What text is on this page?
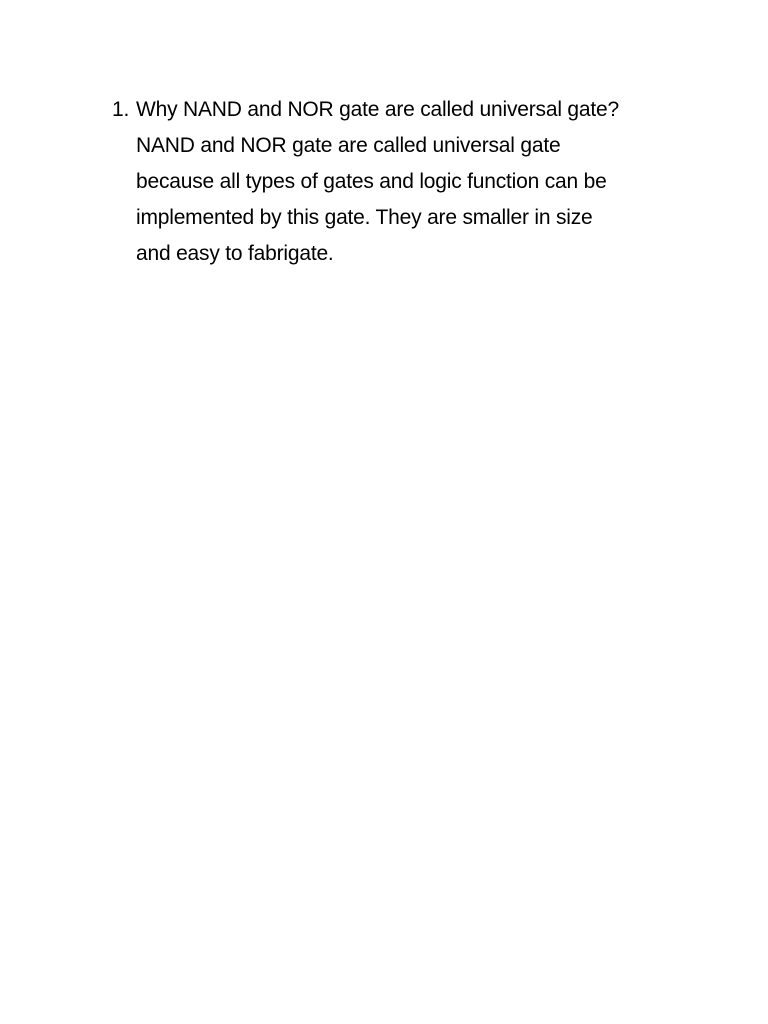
1. Why NAND and NOR gate are called universal gate?
NAND and NOR gate are called universal gate
because all types of gates and logic function can be
implemented by this gate. They are smaller in size
and easy to fabrigate.
